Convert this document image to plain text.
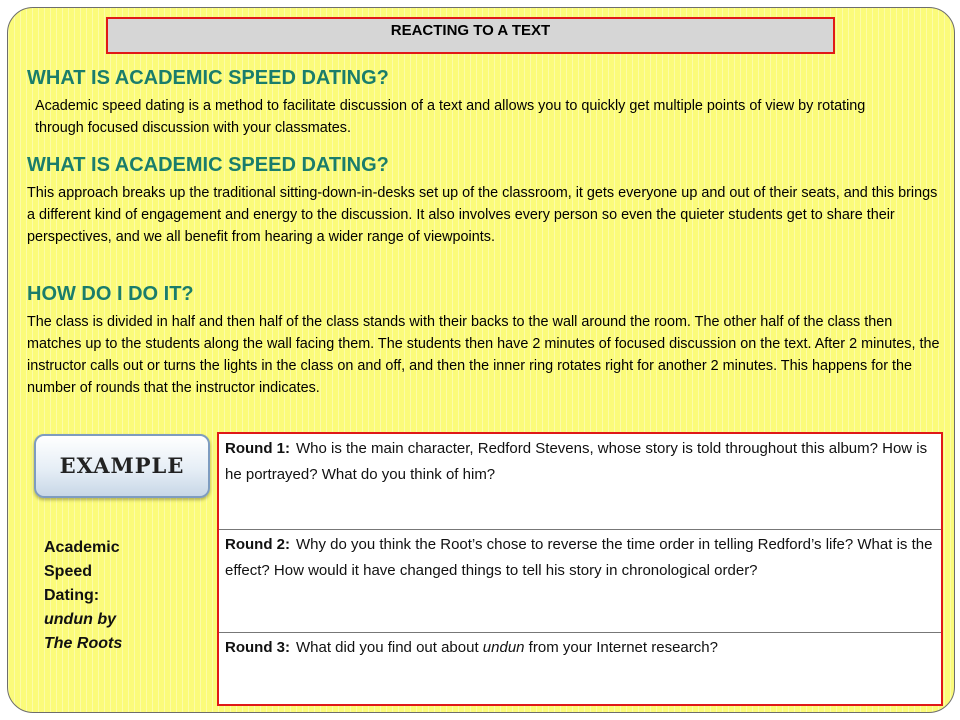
REACTING TO A TEXT

WHAT IS ACADEMIC SPEED DATING?

Academic speed dating is a method to facilitate discussion of a text and allows you to quickly get multiple points of view by rotating through focused discussion with your classmates.

WHAT IS ACADEMIC SPEED DATING?

This approach breaks up the traditional sitting-down-in-desks set up of the classroom, it gets everyone up and out of their seats, and this brings a different kind of engagement and energy to the discussion. It also involves every person so even the quieter students get to share their perspectives, and we all benefit from hearing a wider range of viewpoints.

HOW DO I DO IT?

The class is divided in half and then half of the class stands with their backs to the wall around the room. The other half of the class then matches up to the students along the wall facing them. The students then have 2 minutes of focused discussion on the text. After 2 minutes, the instructor calls out or turns the lights in the class on and off, and then the inner ring rotates right for another 2 minutes. This happens for the number of rounds that the instructor indicates.

EXAMPLE
Academic
Speed
Dating:
undun by
The Roots
Round 1: Who is the main character, Redford Stevens, whose story is told throughout this album? How is he portrayed? What do you think of him?
Round 2: Why do you think the Root’s chose to reverse the time order in telling Redford’s life? What is the effect? How would it have changed things to tell his story in chronological order?
Round 3: What did you find out about undun from your Internet research?
